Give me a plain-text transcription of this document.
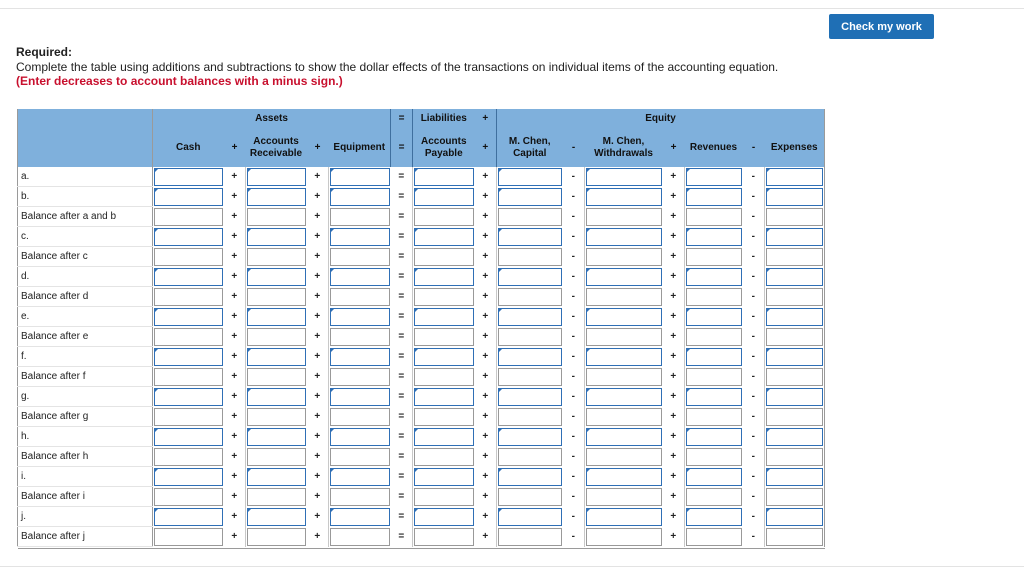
Check my work
Required:
Complete the table using additions and subtractions to show the dollar effects of the transactions on individual items of the accounting equation. (Enter decreases to account balances with a minus sign.)
	Assets					=	Liabilities	+	Equity						
	Cash	+	Accounts Receivable	+	Equipment	=	Accounts Payable	+	M. Chen, Capital	-	M. Chen, Withdrawals	+	Revenues	-	Expenses
a.		+		+		=		+		-		+		-	

b.		+		+		=		+		-		+		-	

Balance after a and b		+		+		=		+		-		+		-	

c.		+		+		=		+		-		+		-	

Balance after c		+		+		=		+		-		+		-	

d.		+		+		=		+		-		+		-	

Balance after d		+		+		=		+		-		+		-	

e.		+		+		=		+		-		+		-	

Balance after e		+		+		=		+		-		+		-	

f.		+		+		=		+		-		+		-	

Balance after f		+		+		=		+		-		+		-	

g.		+		+		=		+		-		+		-	

Balance after g		+		+		=		+		-		+		-	

h.		+		+		=		+		-		+		-	

Balance after h		+		+		=		+		-		+		-	

i.		+		+		=		+		-		+		-	

Balance after i		+		+		=		+		-		+		-	

j.		+		+		=		+		-		+		-	

Balance after j		+		+		=		+		-		+		-	
